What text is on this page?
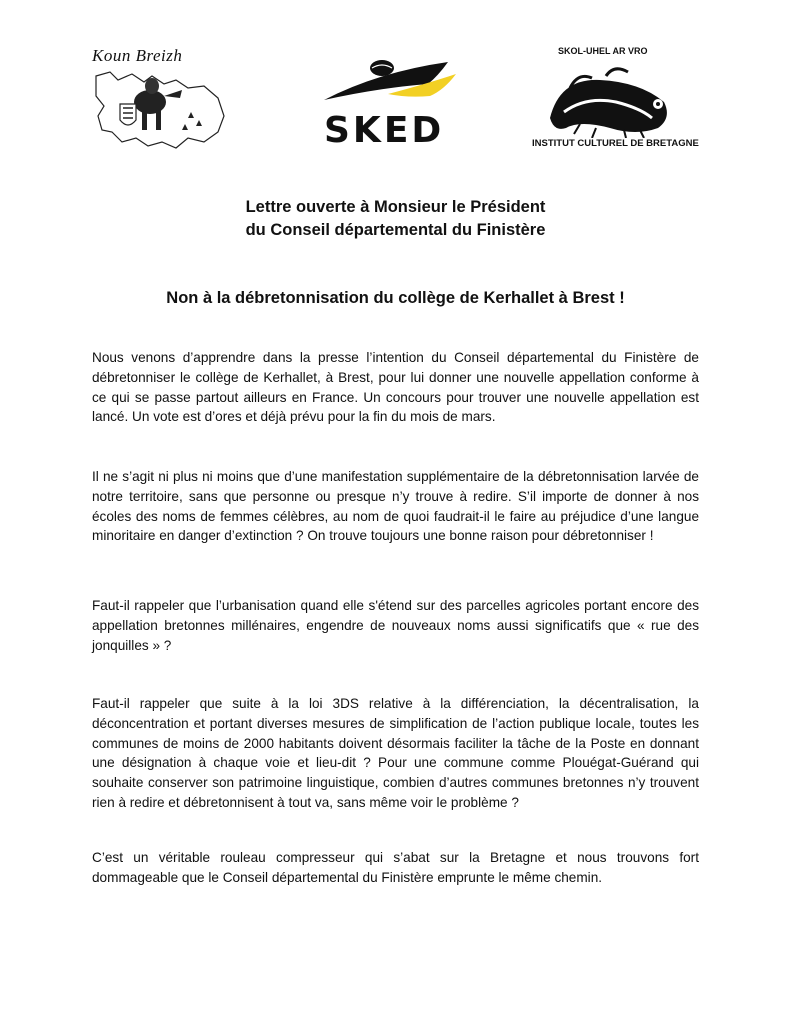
Koun Breizh
SKED
SKOL-UHEL AR VRO
INSTITUT CULTUREL DE BRETAGNE
Lettre ouverte à Monsieur le Président
du Conseil départemental du Finistère
Non à la débretonnisation du collège de Kerhallet à Brest !
Nous venons d’apprendre dans la presse l’intention du Conseil départemental du Finistère de débretonniser le collège de Kerhallet, à Brest, pour lui donner une nouvelle appellation conforme à ce qui se passe partout ailleurs en France. Un concours pour trouver une nouvelle appellation est lancé. Un vote est d’ores et déjà prévu pour la fin du mois de mars.
Il ne s’agit ni plus ni moins que d’une manifestation supplémentaire de la débretonnisation larvée de notre territoire, sans que personne ou presque n’y trouve à redire. S’il importe de donner à nos écoles des noms de femmes célèbres, au nom de quoi faudrait-il le faire au préjudice d’une langue minoritaire en danger d’extinction ? On trouve toujours une bonne raison pour débretonniser !
Faut-il rappeler que l’urbanisation quand elle s'étend sur des parcelles agricoles portant encore des appellation bretonnes millénaires, engendre de nouveaux noms aussi significatifs que « rue des jonquilles » ?
Faut-il rappeler que suite à la loi 3DS relative à la différenciation, la décentralisation, la déconcentration et portant diverses mesures de simplification de l’action publique locale, toutes les communes de moins de 2000 habitants doivent désormais faciliter la tâche de la Poste en donnant une désignation à chaque voie et lieu-dit ? Pour une commune comme Plouégat-Guérand qui souhaite conserver son patrimoine linguistique, combien d’autres communes bretonnes n’y trouvent rien à redire et débretonnisent à tout va, sans même voir le problème ?
C’est un véritable rouleau compresseur qui s’abat sur la Bretagne et nous trouvons fort dommageable que le Conseil départemental du Finistère emprunte le même chemin.
